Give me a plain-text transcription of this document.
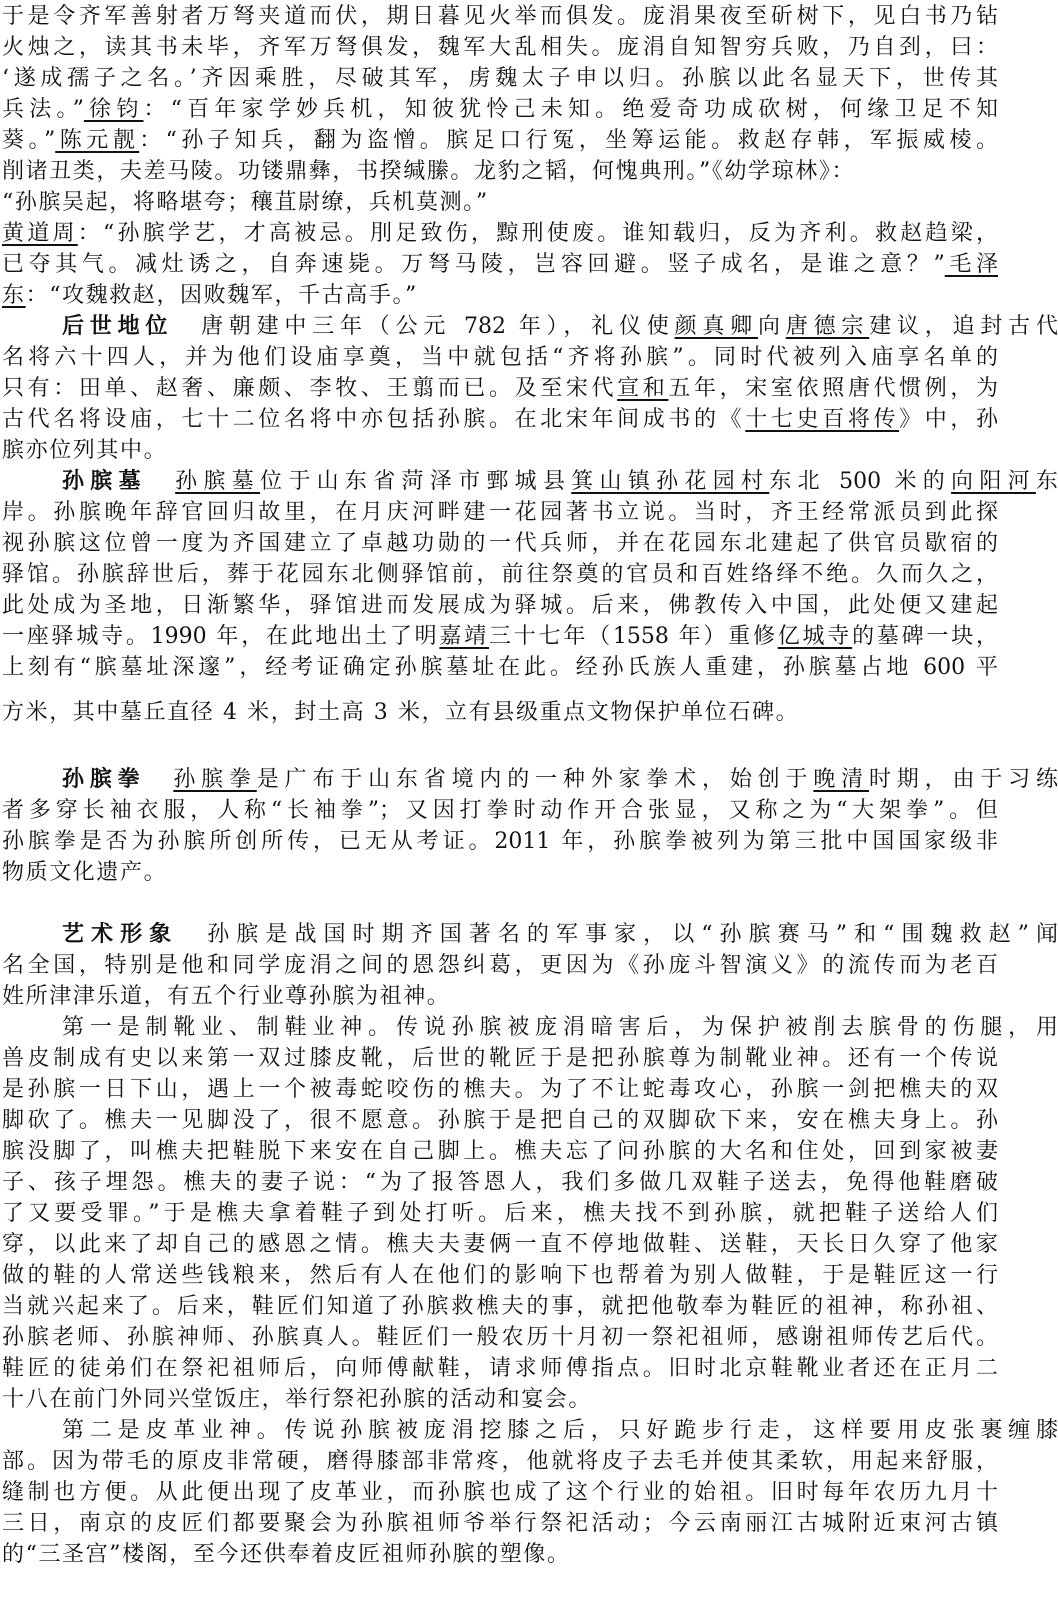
于是令齐军善射者万弩夹道而伏，期日暮见火举而俱发。庞涓果夜至斫树下，见白书乃钻
火烛之，读其书未毕，齐军万弩俱发，魏军大乱相失。庞涓自知智穷兵败，乃自刭，曰：
‘遂成孺子之名。’齐因乘胜，尽破其军，虏魏太子申以归。孙膑以此名显天下，世传其
兵法。”徐钧：“百年家学妙兵机，知彼犹怜己未知。绝爱奇功成砍树，何缘卫足不知
葵。”陈元靓：“孙子知兵，翻为盗憎。膑足口行冤，坐筹运能。救赵存韩，军振威棱。
削诸丑类，夫差马陵。功镂鼎彝，书揆缄縢。龙豹之韬，何愧典刑。”《幼学琼林》：
“孙膑吴起，将略堪夸；穰苴尉缭，兵机莫测。”
黄道周：“孙膑学艺，才高被忌。刖足致伤，黥刑使废。谁知载归，反为齐利。救赵趋梁，
已夺其气。减灶诱之，自奔速毙。万弩马陵，岂容回避。竖子成名，是谁之意？”毛泽
东：“攻魏救赵，因败魏军，千古高手。”
后世地位　唐朝建中三年（公元 782 年），礼仪使颜真卿向唐德宗建议，追封古代
名将六十四人，并为他们设庙享奠，当中就包括“齐将孙膑”。同时代被列入庙享名单的
只有：田单、赵奢、廉颇、李牧、王翦而已。及至宋代宣和五年，宋室依照唐代惯例，为
古代名将设庙，七十二位名将中亦包括孙膑。在北宋年间成书的《十七史百将传》中，孙
膑亦位列其中。
孙膑墓　 孙膑墓位于山东省菏泽市鄄城县箕山镇孙花园村东北 500 米的向阳河东
岸。孙膑晚年辞官回归故里，在月庆河畔建一花园著书立说。当时，齐王经常派员到此探
视孙膑这位曾一度为齐国建立了卓越功勋的一代兵师，并在花园东北建起了供官员歇宿的
驿馆。孙膑辞世后，葬于花园东北侧驿馆前，前往祭奠的官员和百姓络绎不绝。久而久之，
此处成为圣地，日渐繁华，驿馆进而发展成为驿城。后来，佛教传入中国，此处便又建起
一座驿城寺。1990 年，在此地出土了明嘉靖三十七年（1558 年）重修亿城寺的墓碑一块，
上刻有“膑墓址深邃”，经考证确定孙膑墓址在此。经孙氏族人重建，孙膑墓占地 600 平
方米，其中墓丘直径 4 米，封土高 3 米，立有县级重点文物保护单位石碑。
孙膑拳　 孙膑拳是广布于山东省境内的一种外家拳术，始创于晚清时期，由于习练
者多穿长袖衣服，人称“长袖拳”；又因打拳时动作开合张显，又称之为“大架拳”。但
孙膑拳是否为孙膑所创所传，已无从考证。2011 年，孙膑拳被列为第三批中国国家级非
物质文化遗产。
艺术形象　孙膑是战国时期齐国著名的军事家，以“孙膑赛马”和“围魏救赵”闻
名全国，特别是他和同学庞涓之间的恩怨纠葛，更因为《孙庞斗智演义》的流传而为老百
姓所津津乐道，有五个行业尊孙膑为祖神。
第一是制靴业、制鞋业神。传说孙膑被庞涓暗害后，为保护被削去膑骨的伤腿，用
兽皮制成有史以来第一双过膝皮靴，后世的靴匠于是把孙膑尊为制靴业神。还有一个传说
是孙膑一日下山，遇上一个被毒蛇咬伤的樵夫。为了不让蛇毒攻心，孙膑一剑把樵夫的双
脚砍了。樵夫一见脚没了，很不愿意。孙膑于是把自己的双脚砍下来，安在樵夫身上。孙
膑没脚了，叫樵夫把鞋脱下来安在自己脚上。樵夫忘了问孙膑的大名和住处，回到家被妻
子、孩子埋怨。樵夫的妻子说：“为了报答恩人，我们多做几双鞋子送去，免得他鞋磨破
了又要受罪。”于是樵夫拿着鞋子到处打听。后来，樵夫找不到孙膑，就把鞋子送给人们
穿，以此来了却自己的感恩之情。樵夫夫妻俩一直不停地做鞋、送鞋，天长日久穿了他家
做的鞋的人常送些钱粮来，然后有人在他们的影响下也帮着为别人做鞋，于是鞋匠这一行
当就兴起来了。后来，鞋匠们知道了孙膑救樵夫的事，就把他敬奉为鞋匠的祖神，称孙祖、
孙膑老师、孙膑神师、孙膑真人。鞋匠们一般农历十月初一祭祀祖师，感谢祖师传艺后代。
鞋匠的徒弟们在祭祀祖师后，向师傅献鞋，请求师傅指点。旧时北京鞋靴业者还在正月二
十八在前门外同兴堂饭庄，举行祭祀孙膑的活动和宴会。
第二是皮革业神。传说孙膑被庞涓挖膝之后，只好跪步行走，这样要用皮张裹缠膝
部。因为带毛的原皮非常硬，磨得膝部非常疼，他就将皮子去毛并使其柔软，用起来舒服，
缝制也方便。从此便出现了皮革业，而孙膑也成了这个行业的始祖。旧时每年农历九月十
三日，南京的皮匠们都要聚会为孙膑祖师爷举行祭祀活动；今云南丽江古城附近束河古镇
的“三圣宫”楼阁，至今还供奉着皮匠祖师孙膑的塑像。
